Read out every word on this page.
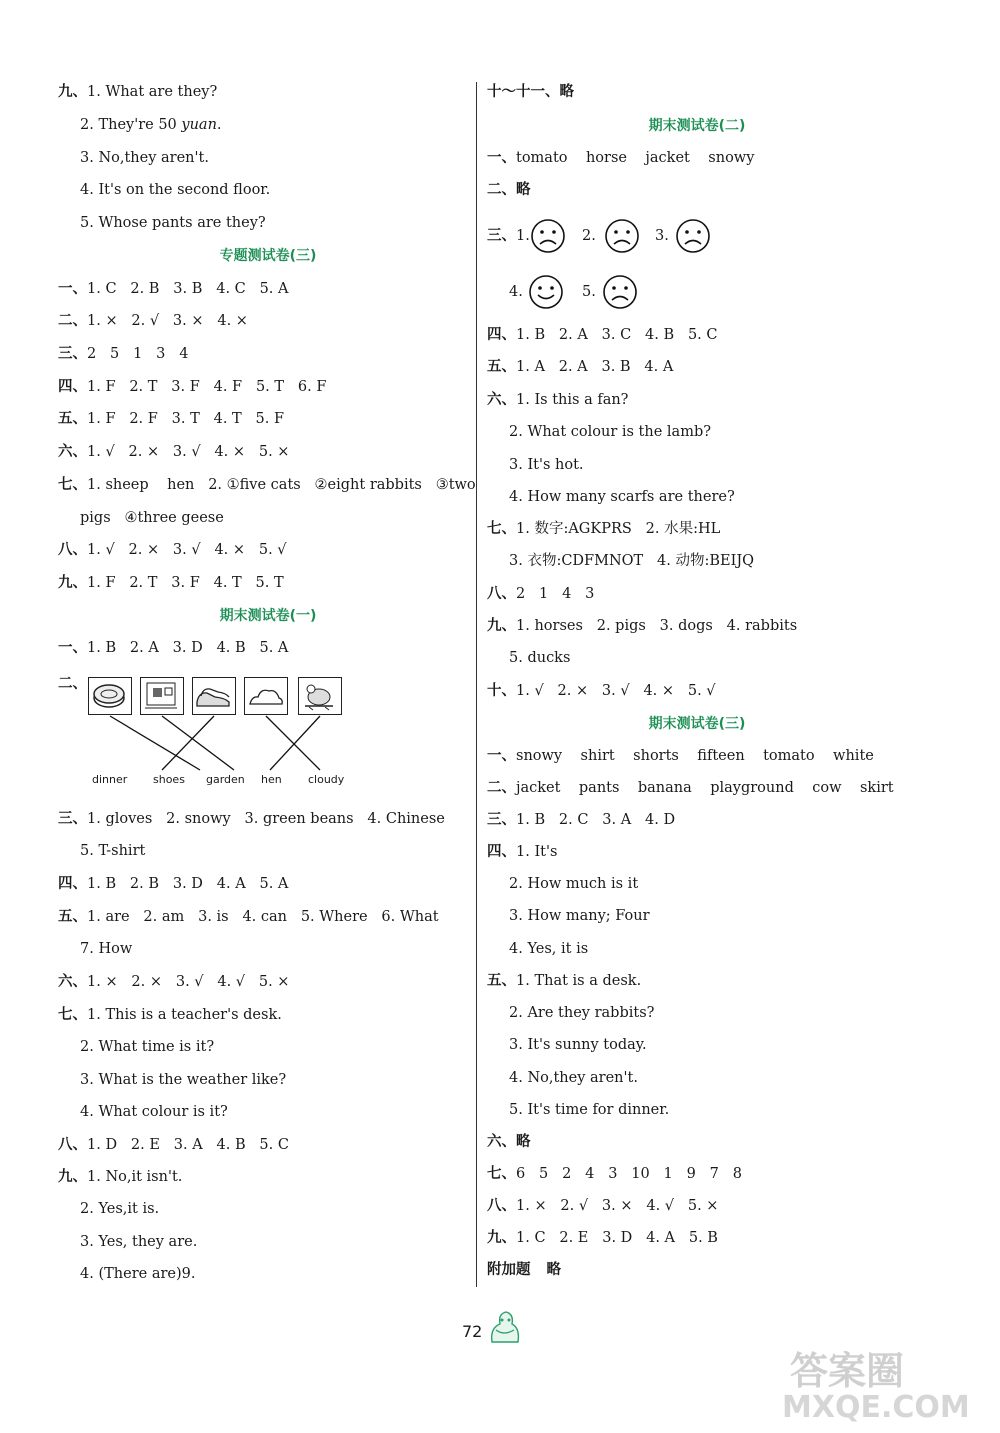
九、1. What are they?
2. They're 50 yuan.
3. No,they aren't.
4. It's on the second floor.
5. Whose pants are they?
专题测试卷(三)
一、1. C   2. B   3. B   4. C   5. A
二、1. ×   2. √   3. ×   4. ×
三、2   5   1   3   4
四、1. F   2. T   3. F   4. F   5. T   6. F
五、1. F   2. F   3. T   4. T   5. F
六、1. √   2. ×   3. √   4. ×   5. ×
七、1. sheep    hen   2. ①five cats   ②eight rabbits   ③two
pigs   ④three geese
八、1. √   2. ×   3. √   4. ×   5. √
九、1. F   2. T   3. F   4. T   5. T
期末测试卷(一)
一、1. B   2. A   3. D   4. B   5. A
二、
dinner shoes garden hen cloudy
三、1. gloves   2. snowy   3. green beans   4. Chinese
5. T-shirt
四、1. B   2. B   3. D   4. A   5. A
五、1. are   2. am   3. is   4. can   5. Where   6. What
7. How
六、1. ×   2. ×   3. √   4. √   5. ×
七、1. This is a teacher's desk.
2. What time is it?
3. What is the weather like?
4. What colour is it?
八、1. D   2. E   3. A   4. B   5. C
九、1. No,it isn't.
2. Yes,it is.
3. Yes, they are.
4. (There are)9.
十～十一、略
期末测试卷(二)
一、tomato    horse    jacket    snowy
二、略
三、1.	2.	3.
4.	5.
四、1. B   2. A   3. C   4. B   5. C
五、1. A   2. A   3. B   4. A
六、1. Is this a fan?
2. What colour is the lamb?
3. It's hot.
4. How many scarfs are there?
七、1. 数字:AGKPRS   2. 水果:HL
3. 衣物:CDFMNOT   4. 动物:BEIJQ
八、2   1   4   3
九、1. horses   2. pigs   3. dogs   4. rabbits
5. ducks
十、1. √   2. ×   3. √   4. ×   5. √
期末测试卷(三)
一、snowy    shirt    shorts    fifteen    tomato    white
二、jacket    pants    banana    playground    cow    skirt
三、1. B   2. C   3. A   4. D
四、1. It's
2. How much is it
3. How many; Four
4. Yes, it is
五、1. That is a desk.
2. Are they rabbits?
3. It's sunny today.
4. No,they aren't.
5. It's time for dinner.
六、略
七、6   5   2   4   3   10   1   9   7   8
八、1. ×   2. √   3. ×   4. √   5. ×
九、1. C   2. E   3. D   4. A   5. B
附加题 略
72
答案圈
MXQE.COM
